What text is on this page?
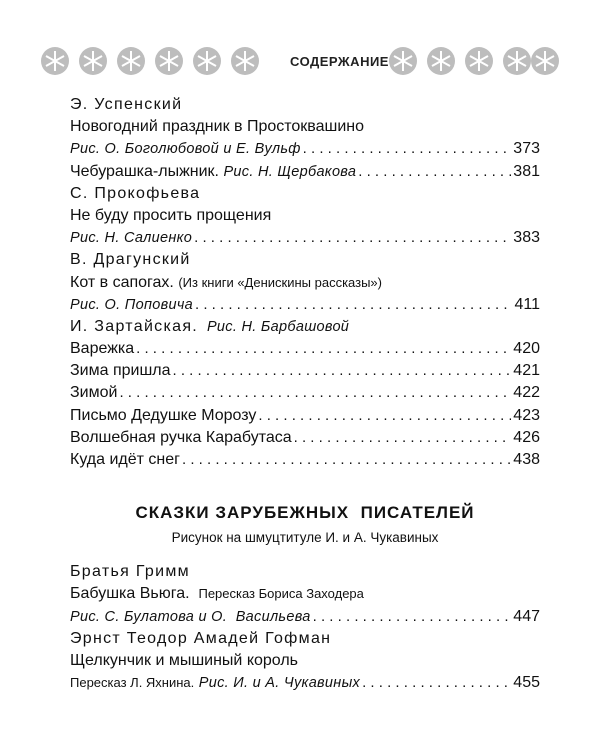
СОДЕРЖАНИЕ
Э. Успенский
Новогодний праздник в Простоквашино
Рис. О. Боголюбовой и Е. Вульф . . .	373
Чебурашка-лыжник.
Рис. Н. Щербакова . . .	381
С. Прокофьева
Не буду просить прощения
Рис. Н. Салиенко . . .	383
В. Драгунский
Кот в сапогах.
(Из книги «Денискины рассказы»)
Рис. О. Поповича . . .	411
И. Зартайская.
Рис. Н. Барбашовой
Варежка . . .	420
Зима пришла . . .	421
Зимой . . .	422
Письмо Дедушке Морозу . . .	423
Волшебная ручка Карабутаса . . .	426
Куда идёт снег . . .	438
СКАЗКИ ЗАРУБЕЖНЫХ  ПИСАТЕЛЕЙ
Рисунок на шмуцтитуле И. и А. Чукавиных
Братья Гримм
Бабушка Вьюга.
Пересказ Бориса Заходера
Рис. С. Булатова и О.  Васильева . . .	447
Эрнст Теодор Амадей Гофман
Щелкунчик и мышиный король
Пересказ Л. Яхнина.
Рис. И. и А. Чукавиных . . .	455
